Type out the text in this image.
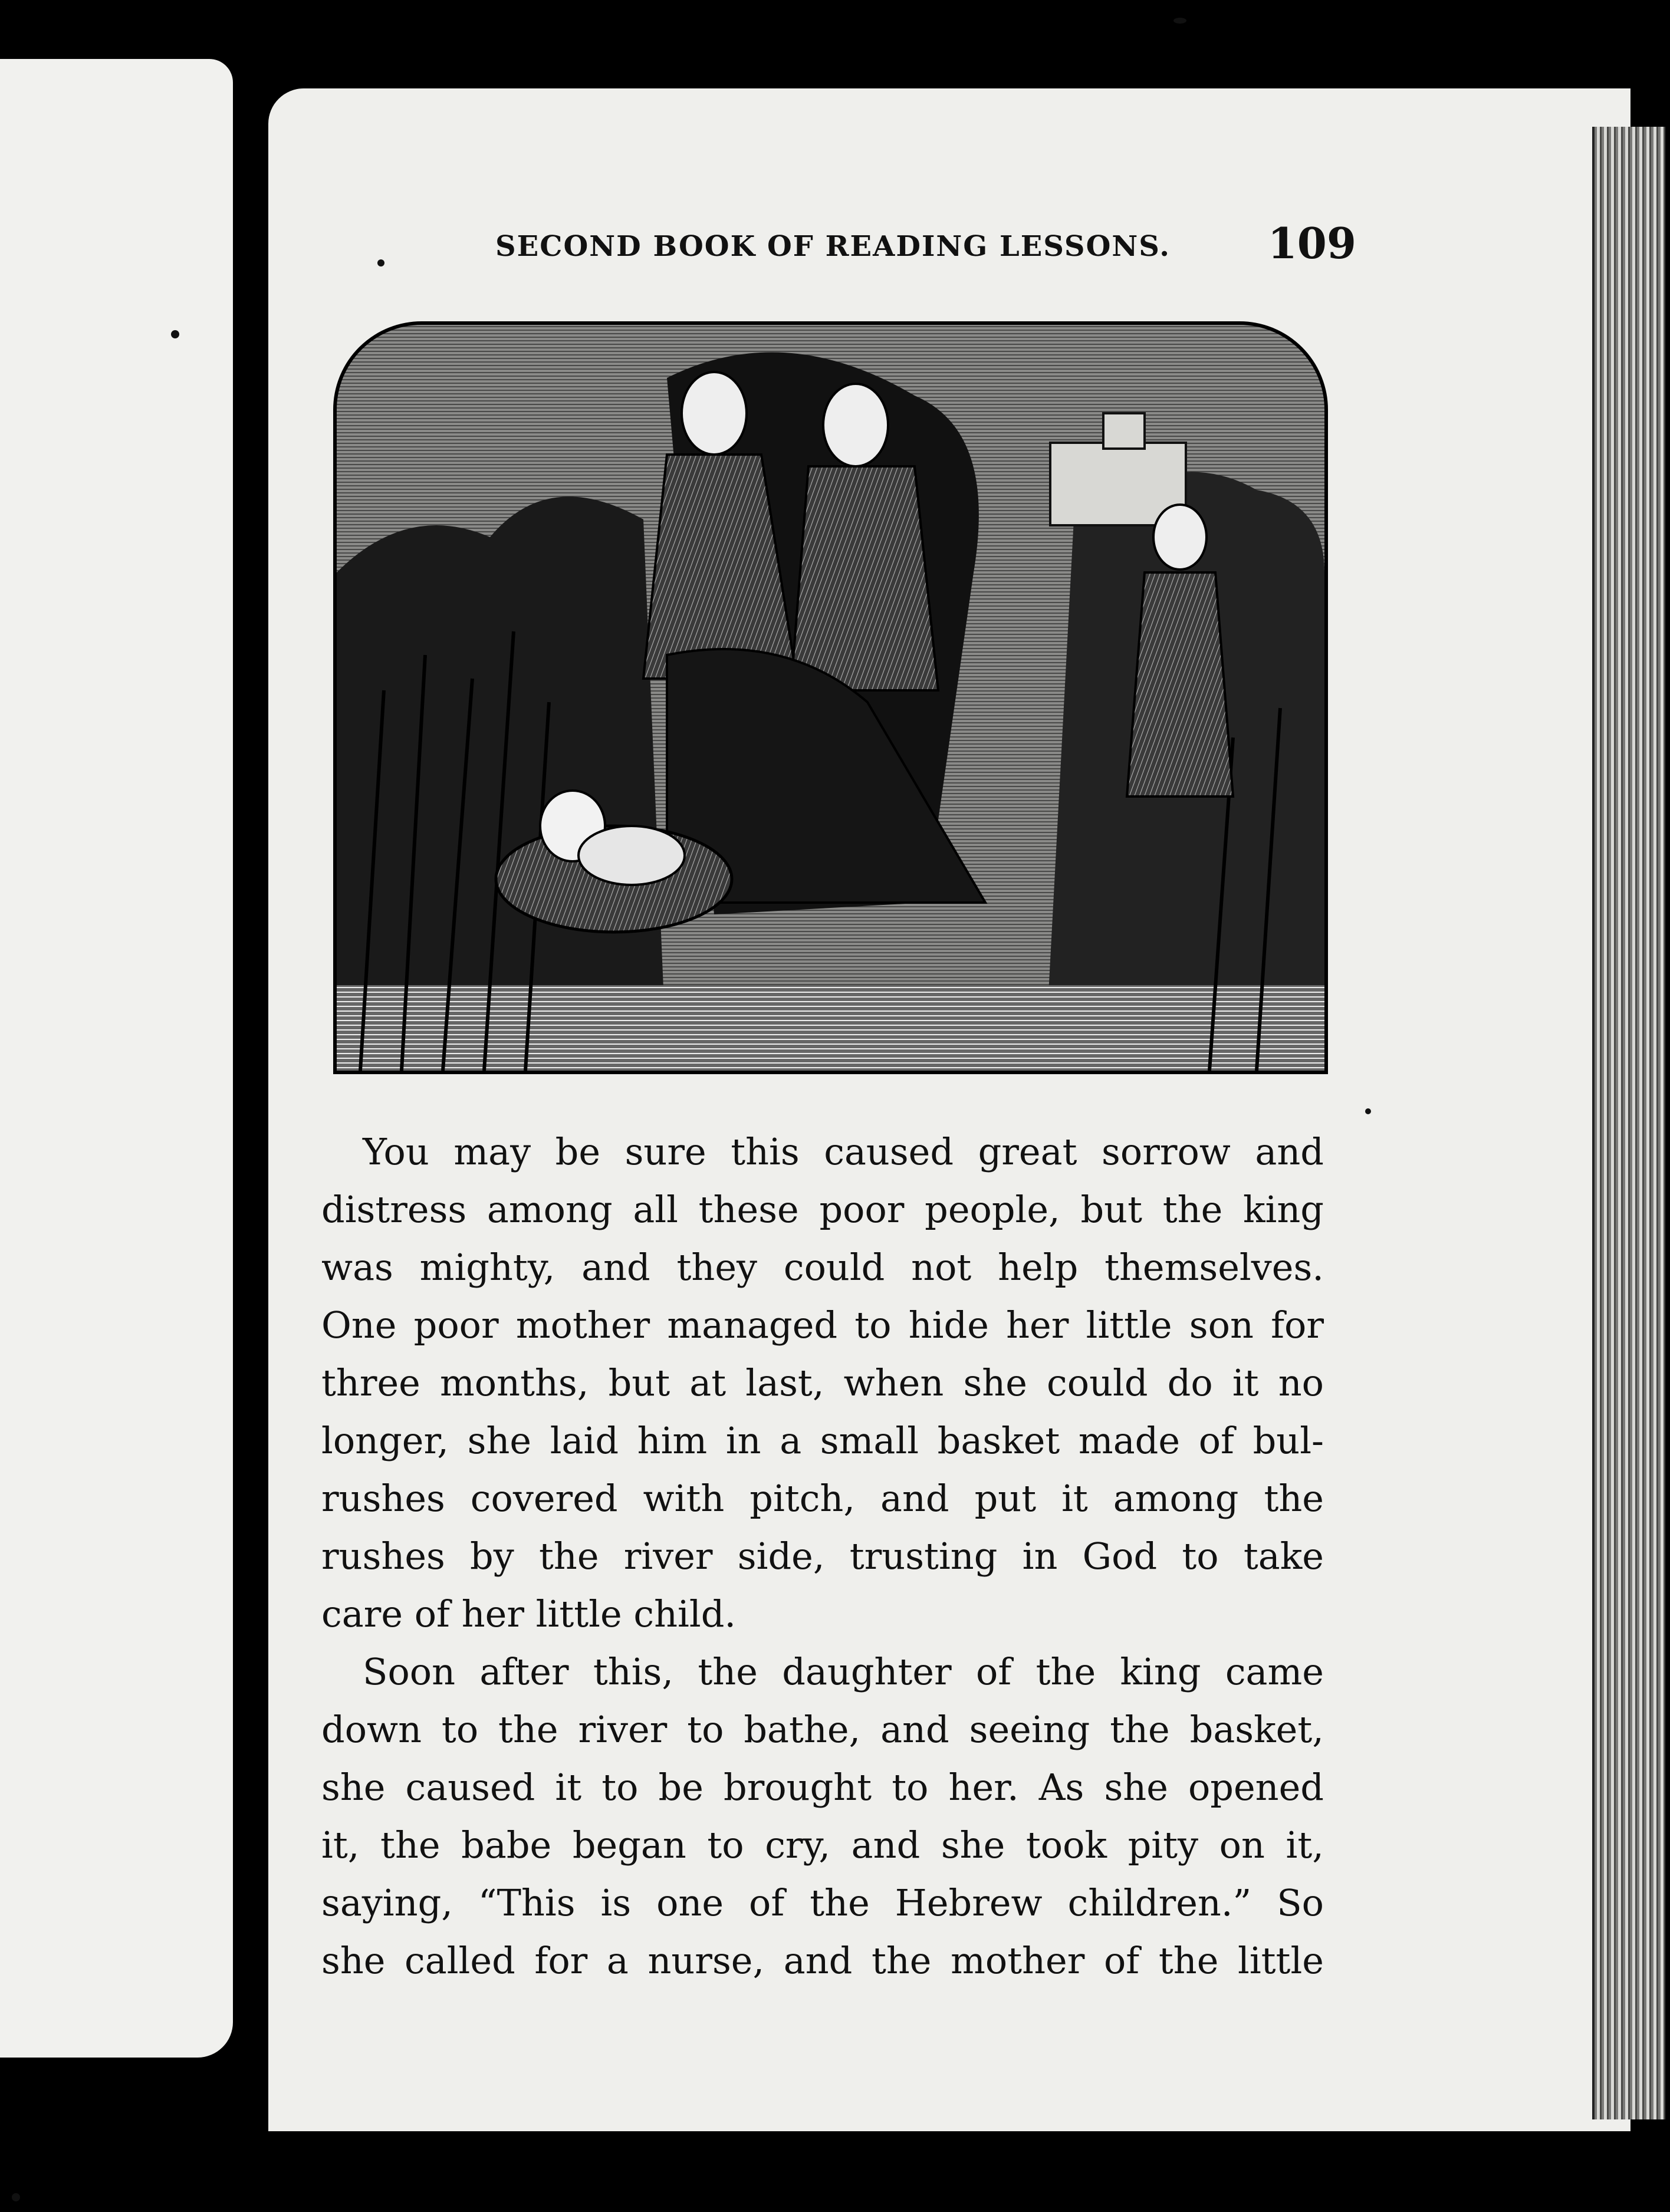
SECOND BOOK OF READING LESSONS. 109
You may be sure this caused great sorrow and
distress among all these poor people, but the king
was mighty, and they could not help themselves.
One poor mother managed to hide her little son for
three months, but at last, when she could do it no
longer, she laid him in a small basket made of bul-
rushes covered with pitch, and put it among the
rushes by the river side, trusting in God to take
care of her little child.
Soon after this, the daughter of the king came
down to the river to bathe, and seeing the basket,
she caused it to be brought to her. As she opened
it, the babe began to cry, and she took pity on it,
saying, “This is one of the Hebrew children.” So
she called for a nurse, and the mother of the little
